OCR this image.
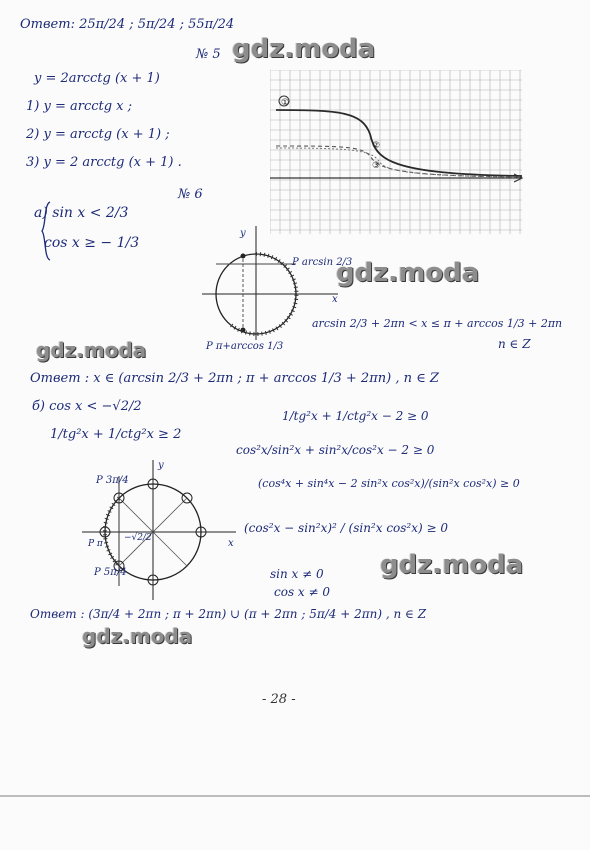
Ответ: 25π/24 ; 5π/24 ; 55π/24
№ 5 gdz.moda
y = 2arcctg (x + 1)
1) y = arcctg x ;
2) y = arcctg (x + 1) ;
3) y = 2 arcctg (x + 1) .
№ 6
①
②
③
а) sin x < 2/3
cos x ≥ − 1/3
x
y
P arcsin 2/3
P π+arccos 1/3
gdz.moda
arcsin 2/3 + 2πn < x ≤ π + arccos 1/3 + 2πn
n ∈ Z
gdz.moda
Ответ : x ∈ (arcsin 2/3 + 2πn ; π + arccos 1/3 + 2πn) , n ∈ Z
б) cos x < −√2/2
1/tg²x + 1/ctg²x ≥ 2
1/tg²x + 1/ctg²x − 2 ≥ 0
cos²x/sin²x + sin²x/cos²x − 2 ≥ 0
(cos⁴x + sin⁴x − 2 sin²x cos²x)/(sin²x cos²x) ≥ 0
(cos²x − sin²x)² / (sin²x cos²x) ≥ 0
sin x ≠ 0
cos x ≠ 0
x
y
P 3π/4
P 5π/4
P π
−√2/2
gdz.moda
Ответ : (3π/4 + 2πn ; π + 2πn) ∪ (π + 2πn ; 5π/4 + 2πn) , n ∈ Z
gdz.moda
- 28 -
